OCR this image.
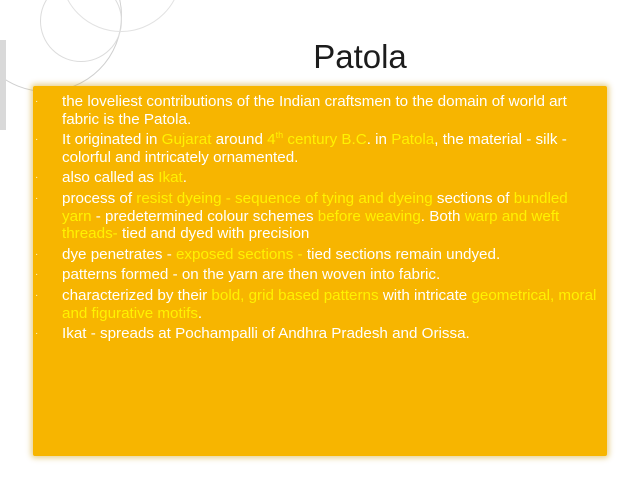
Patola
· the loveliest contributions of the Indian craftsmen to the domain of world art fabric is the Patola.
· It originated in Gujarat around 4th century B.C. in Patola, the material - silk - colorful and intricately ornamented.
· also called as Ikat.
· process of resist dyeing - sequence of tying and dyeing sections of bundled yarn - predetermined colour schemes before weaving. Both warp and weft threads- tied and dyed with precision
· dye penetrates - exposed sections - tied sections remain undyed.
· patterns formed - on the yarn are then woven into fabric.
· characterized by their bold, grid based patterns with intricate geometrical, moral and figurative motifs.
· Ikat - spreads at Pochampalli of Andhra Pradesh and Orissa.
